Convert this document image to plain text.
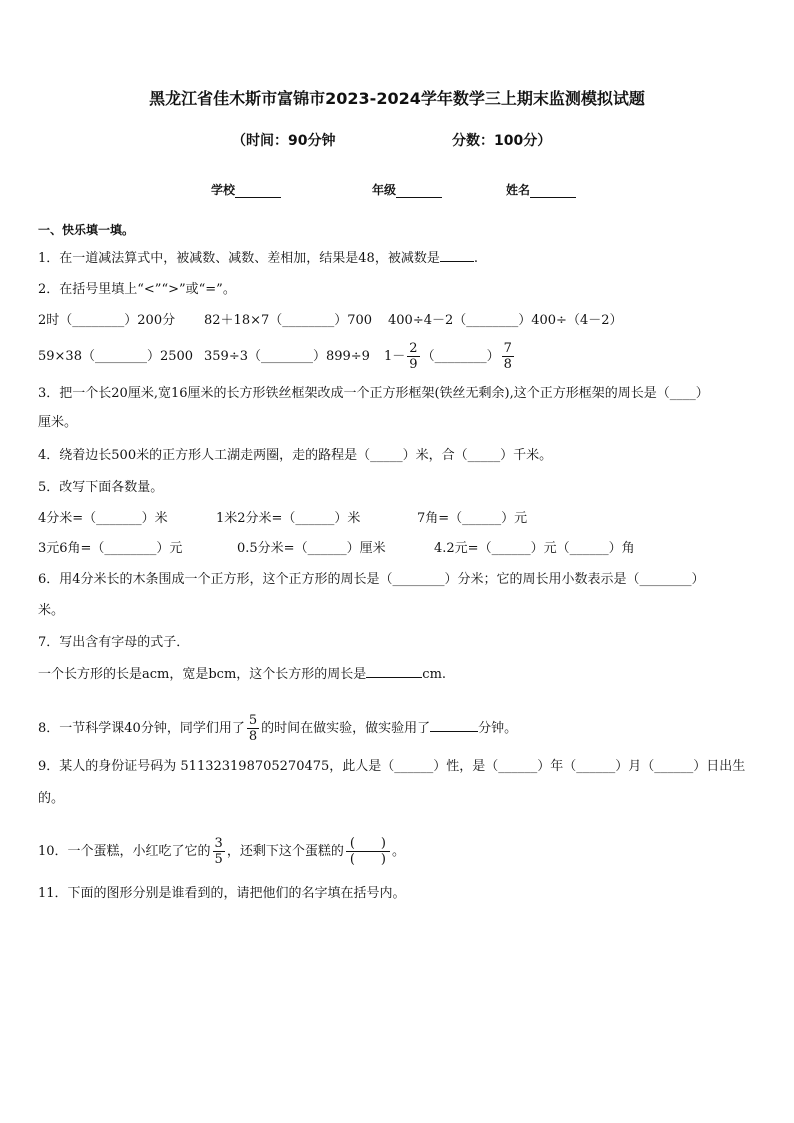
黑龙江省佳木斯市富锦市2023-2024学年数学三上期末监测模拟试题
（时间：90分钟	分数：100分）
学校	年级	姓名
一、快乐填一填。
1．在一道减法算式中，被减数、减数、差相加，结果是48，被减数是	.
2．在括号里填上“<”“>”或“=”。
2时（________）200分 82＋18×7（________）700 400÷4－2（________）400÷（4－2）
59×38（________）2500 359÷3（________）899÷9 $1- \frac{2}{9}$ （________） $\frac{7}{8}$
3．把一个长20厘米,宽16厘米的长方形铁丝框架改成一个正方形框架(铁丝无剩余),这个正方形框架的周长是（____）
厘米。
4．绕着边长500米的正方形人工湖走两圈，走的路程是（_____）米，合（_____）千米。
5．改写下面各数量。
4分米=（_______）米	1米2分米=（______）米	7角=（______）元
3元6角=（________）元	0.5分米=（______）厘米	4.2元=（______）元（______）角
6．用4分米长的木条围成一个正方形，这个正方形的周长是（________）分米；它的周长用小数表示是（________）
米。
7．写出含有字母的式子．
一个长方形的长是acm，宽是bcm，这个长方形的周长是	cm.
8．一节科学课40分钟，同学们用了 $\frac{5}{8}$ 的时间在做实验，做实验用了	分钟。
9．某人的身份证号码为 511323198705270475，此人是（______）性，是（______）年（______）月（______）日出生
的。
10．一个蛋糕，小红吃了它的 $\frac{3}{5}$ ，还剩下这个蛋糕的 $\frac{( )}{( )}$ 。
11．下面的图形分别是谁看到的，请把他们的名字填在括号内。
